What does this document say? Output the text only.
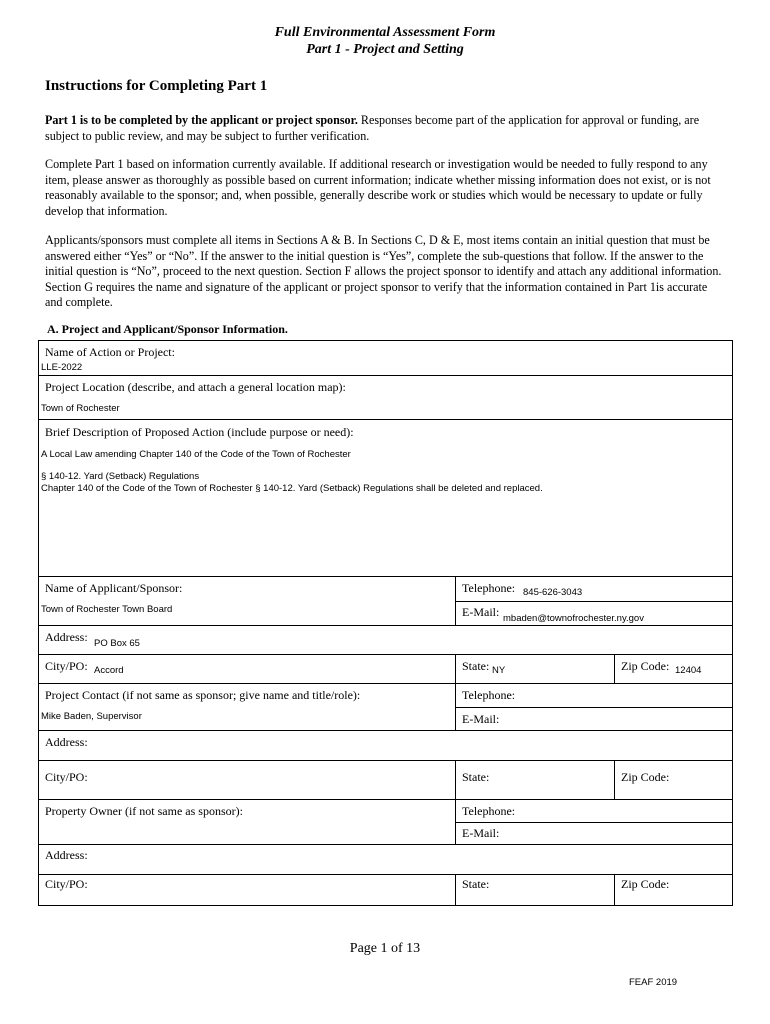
Full Environmental Assessment Form
Part 1 - Project and Setting
Instructions for Completing Part 1
Part 1 is to be completed by the applicant or project sponsor. Responses become part of the application for approval or funding, are subject to public review, and may be subject to further verification.
Complete Part 1 based on information currently available. If additional research or investigation would be needed to fully respond to any item, please answer as thoroughly as possible based on current information; indicate whether missing information does not exist, or is not reasonably available to the sponsor; and, when possible, generally describe work or studies which would be necessary to update or fully develop that information.
Applicants/sponsors must complete all items in Sections A & B. In Sections C, D & E, most items contain an initial question that must be answered either “Yes” or “No”. If the answer to the initial question is “Yes”, complete the sub-questions that follow. If the answer to the initial question is “No”, proceed to the next question. Section F allows the project sponsor to identify and attach any additional information. Section G requires the name and signature of the applicant or project sponsor to verify that the information contained in Part 1is accurate and complete.
A. Project and Applicant/Sponsor Information.
Name of Action or Project:
LLE-2022
Project Location (describe, and attach a general location map):
Town of Rochester
Brief Description of Proposed Action (include purpose or need):
A Local Law amending Chapter 140 of the Code of the Town of Rochester
§ 140-12. Yard (Setback) Regulations
Chapter 140 of the Code of the Town of Rochester § 140-12. Yard (Setback) Regulations shall be deleted and replaced.
Name of Applicant/Sponsor:
Town of Rochester Town Board
Telephone: 845-626-3043
E-Mail: mbaden@townofrochester.ny.gov
Address: PO Box 65
City/PO: Accord	State: NY	Zip Code: 12404
Project Contact (if not same as sponsor; give name and title/role):
Mike Baden, Supervisor
Telephone:
E-Mail:
Address:
City/PO:	State:	Zip Code:
Property Owner (if not same as sponsor):	Telephone:
E-Mail:
Address:
City/PO:	State:	Zip Code:
Page 1 of 13
FEAF 2019
